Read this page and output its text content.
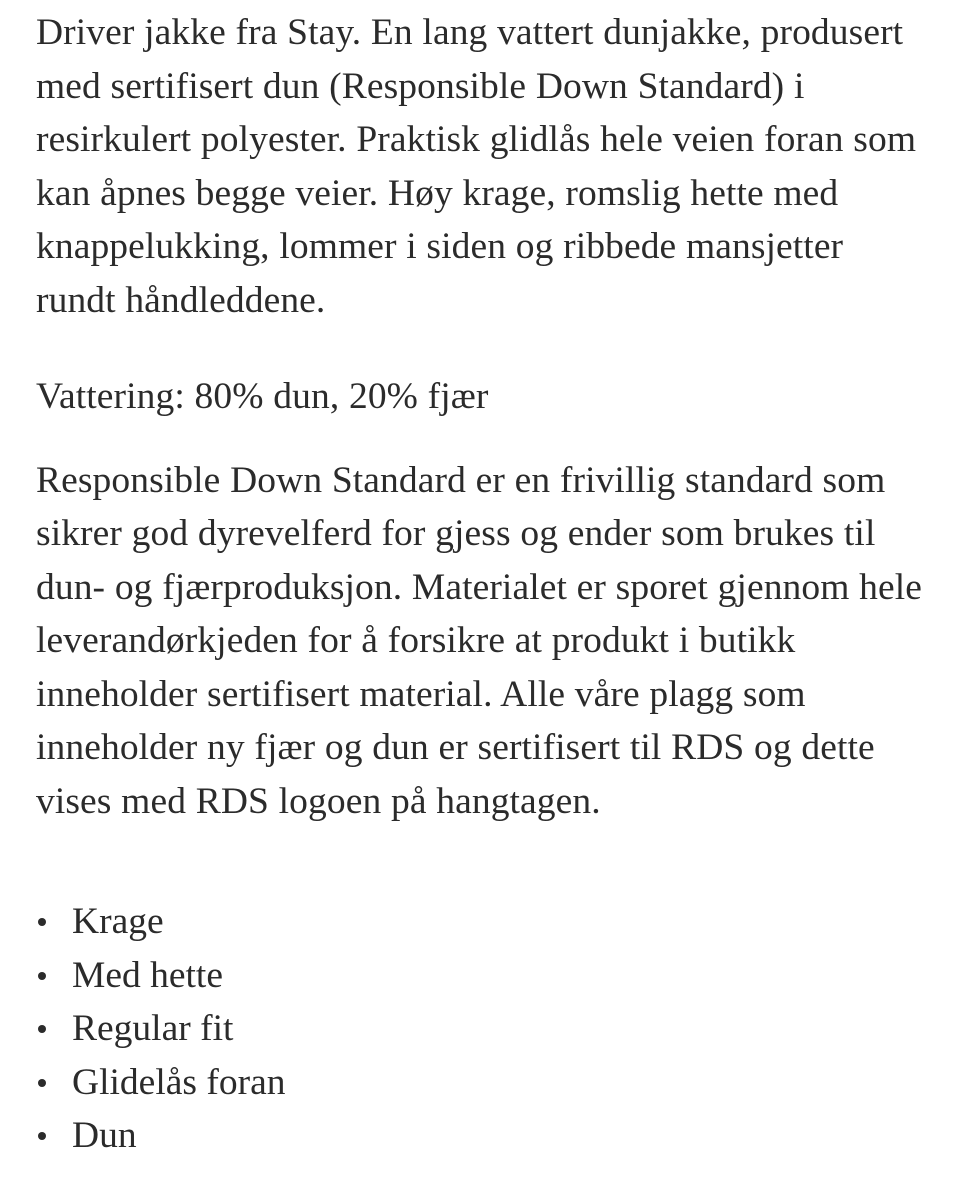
Driver jakke fra Stay. En lang vattert dunjakke, produsert med sertifisert dun (Responsible Down Standard) i resirkulert polyester. Praktisk glidlås hele veien foran som kan åpnes begge veier. Høy krage, romslig hette med knappelukking, lommer i siden og ribbede mansjetter rundt håndleddene.

Vattering: 80% dun, 20% fjær

Responsible Down Standard er en frivillig standard som sikrer god dyrevelferd for gjess og ender som brukes til dun- og fjærproduksjon. Materialet er sporet gjennom hele leverandørkjeden for å forsikre at produkt i butikk inneholder sertifisert material. Alle våre plagg som inneholder ny fjær og dun er sertifisert til RDS og dette vises med RDS logoen på hangtagen.

Krage
Med hette
Regular fit
Glidelås foran
Dun
